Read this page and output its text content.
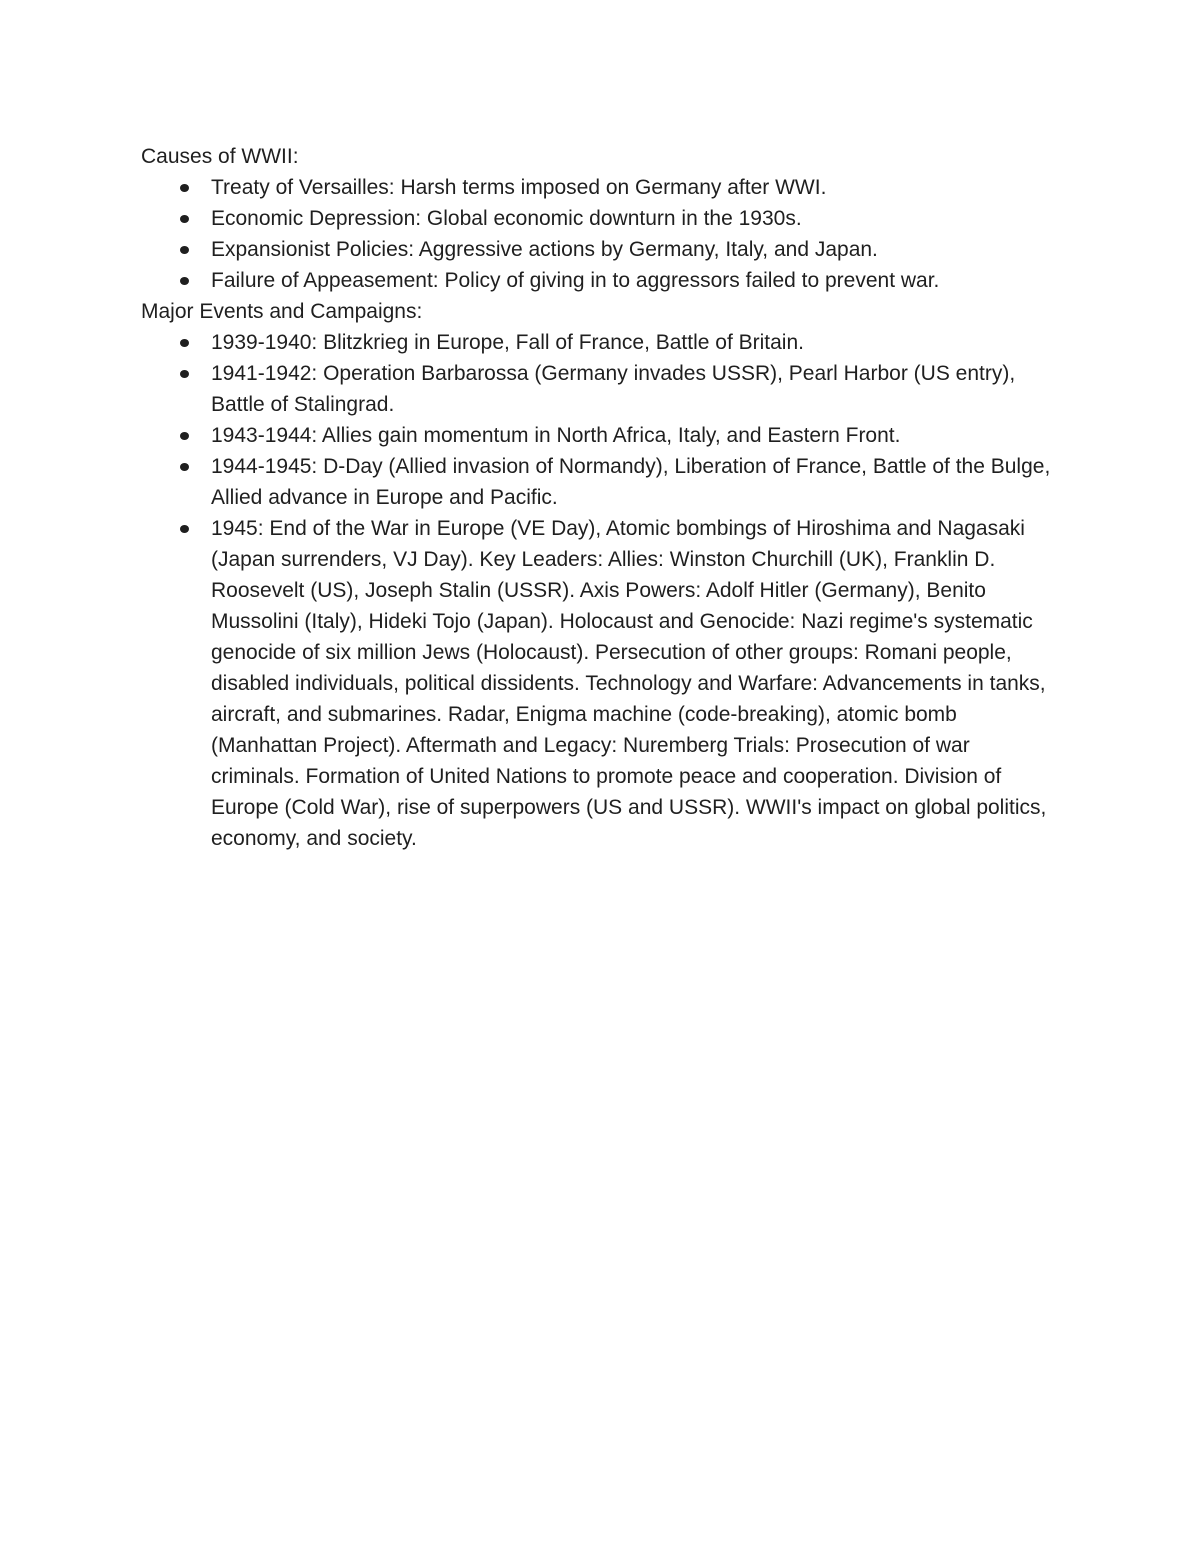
Causes of WWII:
Treaty of Versailles: Harsh terms imposed on Germany after WWI.
Economic Depression: Global economic downturn in the 1930s.
Expansionist Policies: Aggressive actions by Germany, Italy, and Japan.
Failure of Appeasement: Policy of giving in to aggressors failed to prevent war.
Major Events and Campaigns:
1939-1940: Blitzkrieg in Europe, Fall of France, Battle of Britain.
1941-1942: Operation Barbarossa (Germany invades USSR), Pearl Harbor (US entry), Battle of Stalingrad.
1943-1944: Allies gain momentum in North Africa, Italy, and Eastern Front.
1944-1945: D-Day (Allied invasion of Normandy), Liberation of France, Battle of the Bulge, Allied advance in Europe and Pacific.
1945: End of the War in Europe (VE Day), Atomic bombings of Hiroshima and Nagasaki (Japan surrenders, VJ Day). Key Leaders: Allies: Winston Churchill (UK), Franklin D. Roosevelt (US), Joseph Stalin (USSR). Axis Powers: Adolf Hitler (Germany), Benito Mussolini (Italy), Hideki Tojo (Japan). Holocaust and Genocide: Nazi regime's systematic genocide of six million Jews (Holocaust). Persecution of other groups: Romani people, disabled individuals, political dissidents. Technology and Warfare: Advancements in tanks, aircraft, and submarines. Radar, Enigma machine (code-breaking), atomic bomb (Manhattan Project). Aftermath and Legacy: Nuremberg Trials: Prosecution of war criminals. Formation of United Nations to promote peace and cooperation. Division of Europe (Cold War), rise of superpowers (US and USSR). WWII's impact on global politics, economy, and society.
